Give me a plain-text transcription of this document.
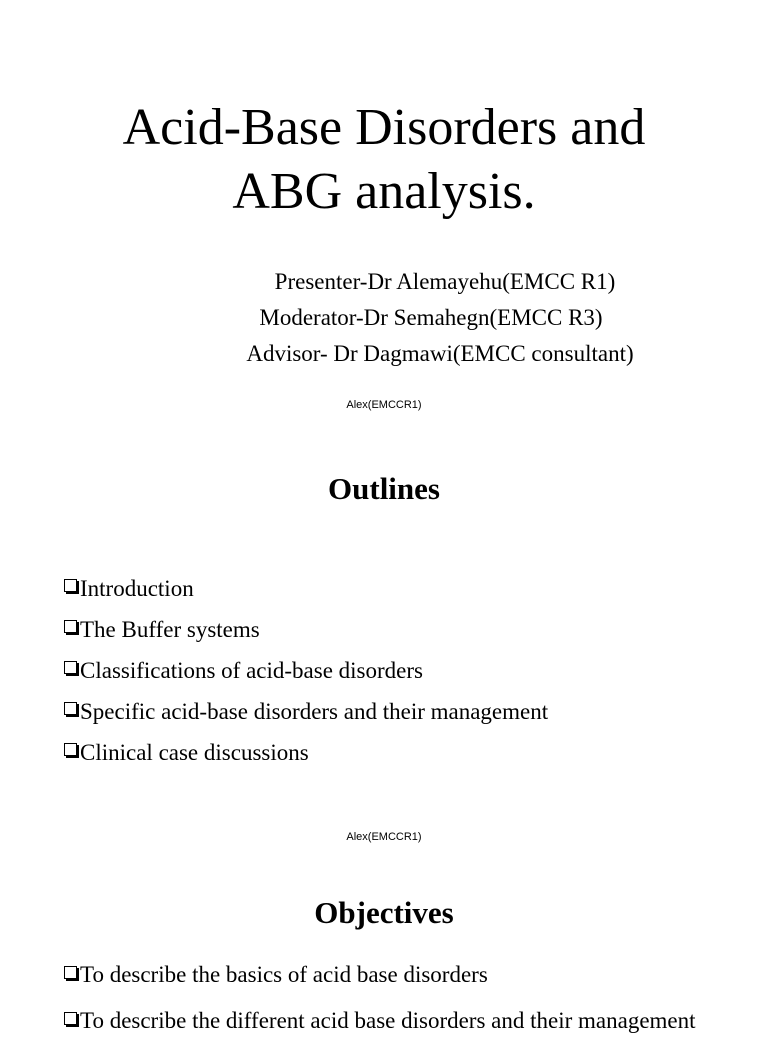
Acid-Base Disorders and
ABG analysis.
Presenter-Dr Alemayehu(EMCC R1)
Moderator-Dr Semahegn(EMCC R3)
Advisor- Dr Dagmawi(EMCC consultant)
Alex(EMCCR1)
Outlines
Introduction
The Buffer systems
Classifications of acid-base disorders
Specific acid-base disorders and their management
Clinical case discussions
Alex(EMCCR1)
Objectives
To describe the basics of acid base disorders
To describe the different acid base disorders and their management
